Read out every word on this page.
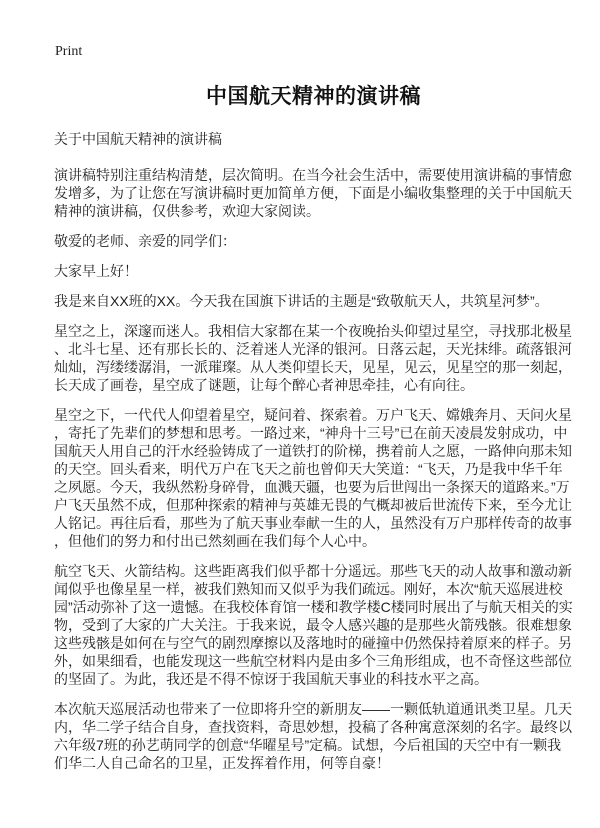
Print
中国航天精神的演讲稿
关于中国航天精神的演讲稿

演讲稿特别注重结构清楚，层次简明。在当今社会生活中，需要使用演讲稿的事情愈发增多，为了让您在写演讲稿时更加简单方便，下面是小编收集整理的关于中国航天精神的演讲稿，仅供参考，欢迎大家阅读。

敬爱的老师、亲爱的同学们：

大家早上好！

我是来自XX班的XX。今天我在国旗下讲话的主题是“致敬航天人，共筑星河梦”。

星空之上，深邃而迷人。我相信大家都在某一个夜晚抬头仰望过星空，寻找那北极星、北斗七星、还有那长长的、泛着迷人光泽的银河。日落云起，天光抹绯。疏落银河灿灿，泻缕缕潺涓，一派璀璨。从人类仰望长天，见星，见云，见星空的那一刻起，长天成了画卷，星空成了谜题，让每个醉心者神思牵挂，心有向往。

星空之下，一代代人仰望着星空，疑问着、探索着。万户飞天、嫦娥奔月、天问火星，寄托了先辈们的梦想和思考。一路过来，“神舟十三号”已在前天凌晨发射成功，中国航天人用自己的汗水经验铸成了一道铁打的阶梯，携着前人之愿，一路伸向那未知的天空。回头看来，明代万户在飞天之前也曾仰天大笑道：“飞天，乃是我中华千年之夙愿。今天，我纵然粉身碎骨，血溅天疆，也要为后世闯出一条探天的道路来。”万户飞天虽然不成，但那种探索的精神与英雄无畏的气概却被后世流传下来，至今尤让人铭记。再往后看，那些为了航天事业奉献一生的人，虽然没有万户那样传奇的故事，但他们的努力和付出已然刻画在我们每个人心中。

航空飞天、火箭结构。这些距离我们似乎都十分遥远。那些飞天的动人故事和激动新闻似乎也像星星一样，被我们熟知而又似乎为我们疏远。刚好，本次“航天巡展进校园”活动弥补了这一遗憾。在我校体育馆一楼和教学楼C楼同时展出了与航天相关的实物，受到了大家的广大关注。于我来说，最令人感兴趣的是那些火箭残骸。很难想象这些残骸是如何在与空气的剧烈摩擦以及落地时的碰撞中仍然保持着原来的样子。另外，如果细看，也能发现这一些航空材料内是由多个三角形组成，也不奇怪这些部位的坚固了。为此，我还是不得不惊讶于我国航天事业的科技水平之高。

本次航天巡展活动也带来了一位即将升空的新朋友——一颗低轨道通讯类卫星。几天内，华二学子结合自身，查找资料，奇思妙想，投稿了各种寓意深刻的名字。最终以六年级7班的孙艺萌同学的创意“华曜星号”定稿。试想，今后祖国的天空中有一颗我们华二人自己命名的卫星，正发挥着作用，何等自豪！
